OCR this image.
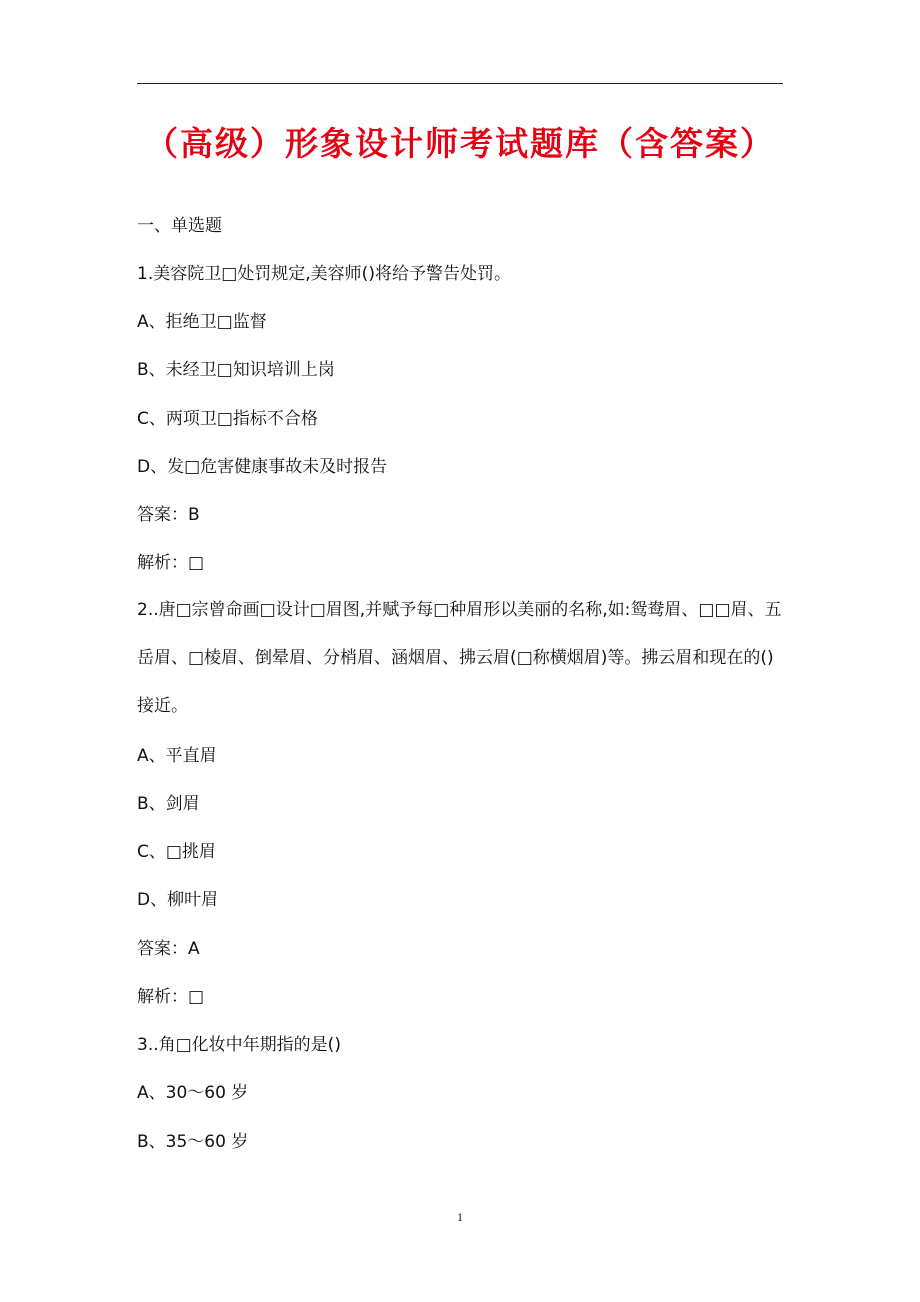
（高级）形象设计师考试题库（含答案）
一、单选题
1.美容院卫□处罚规定,美容师()将给予警告处罚。
A、拒绝卫□监督
B、未经卫□知识培训上岗
C、两项卫□指标不合格
D、发□危害健康事故未及时报告
答案：B
解析：□
2..唐□宗曾命画□设计□眉图,并赋予每□种眉形以美丽的名称,如:鸳鸯眉、□□眉、五岳眉、□棱眉、倒晕眉、分梢眉、涵烟眉、拂云眉(□称横烟眉)等。拂云眉和现在的()接近。
A、平直眉
B、剑眉
C、□挑眉
D、柳叶眉
答案：A
解析：□
3..⻆□化妆中年期指的是()
A、30～60 岁
B、35～60 岁
1
